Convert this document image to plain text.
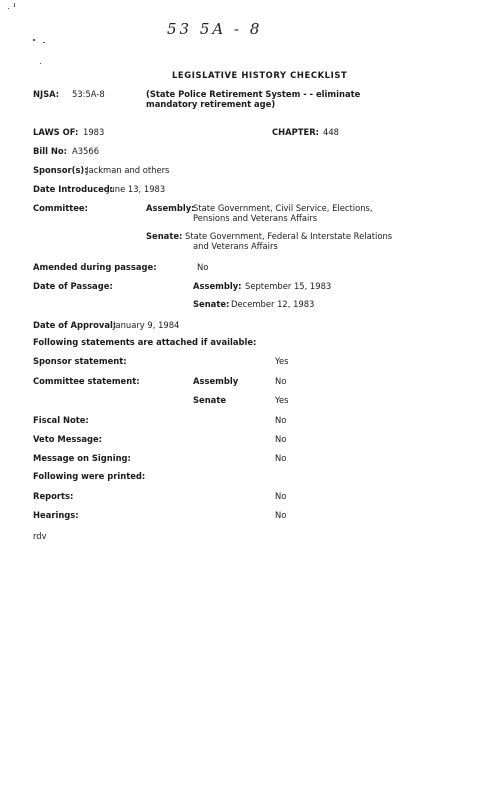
53 5A - 8
LEGISLATIVE HISTORY CHECKLIST
NJSA: 53:5A-8	(State Police Retirement System - - eliminate
mandatory retirement age)
LAWS OF: 1983	CHAPTER: 448
Bill No: A3566
Sponsor(s):
Jackman and others
Date Introduced:
June 13, 1983
Committee:	Assembly:
State Government, Civil Service, Elections,
Pensions and Veterans Affairs
Senate: State Government, Federal & Interstate Relations
and Veterans Affairs
Amended during passage:	No
Date of Passage:	Assembly: September 15, 1983
Senate: December 12, 1983
Date of Approval:
January 9, 1984
Following statements are attached if available:
Sponsor statement:	Yes
Committee statement:	Assembly	No
Senate	Yes
Fiscal Note:	No
Veto Message:	No
Message on Signing:	No
Following were printed:
Reports:	No
Hearings:	No
rdv
